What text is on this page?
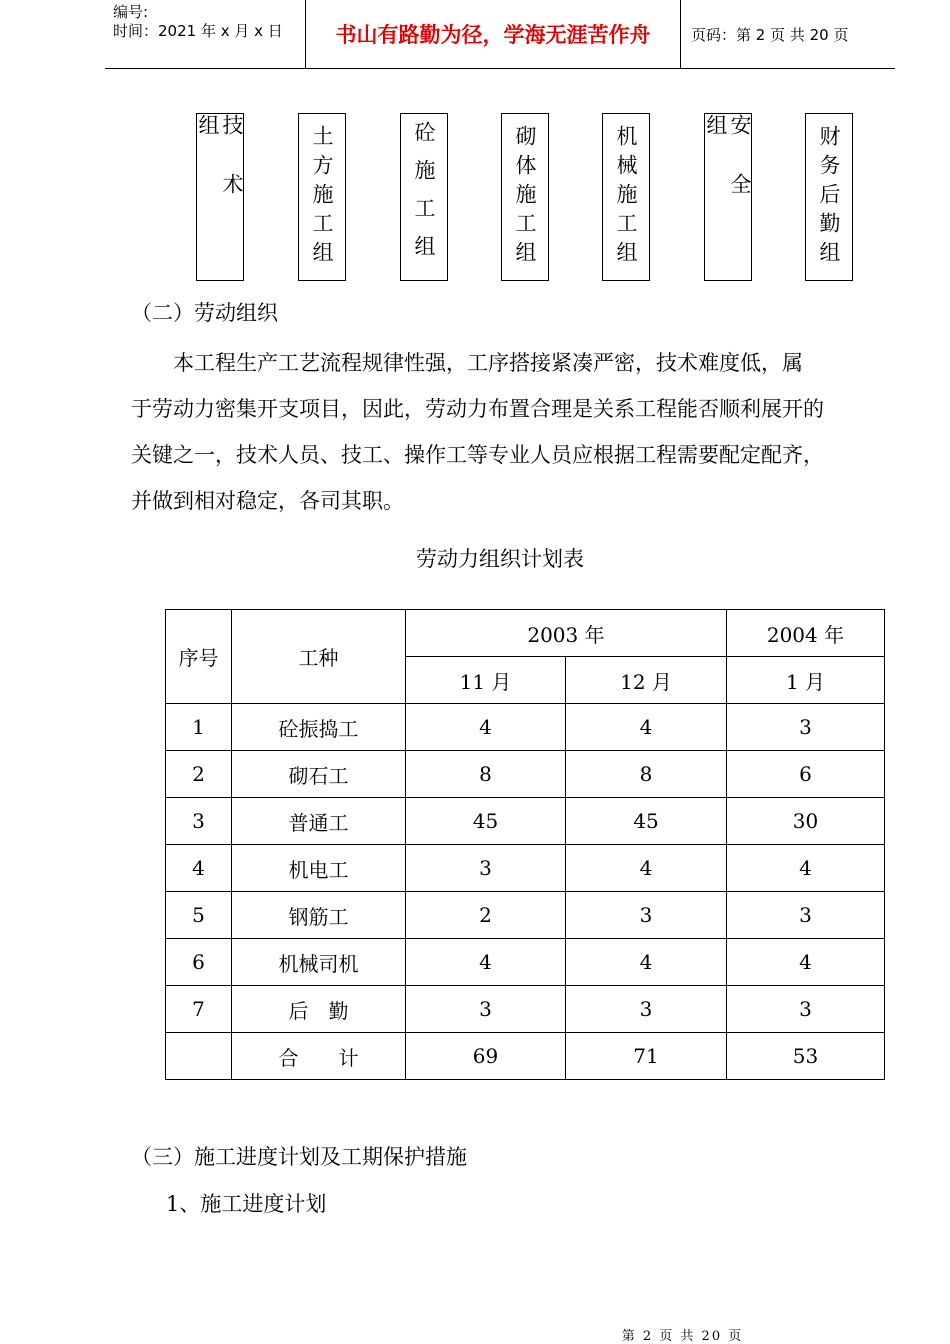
编号:
时间：2021 年 x 月 x 日	书山有路勤为径，学海无涯苦作舟	页码：第 2 页 共 20 页
技术组	土方施工组	砼施工组	砌体施工组	机械施工组	安全组	财务后勤组
（二）劳动组织
本工程生产工艺流程规律性强，工序搭接紧凑严密，技术难度低，属
于劳动力密集开支项目，因此，劳动力布置合理是关系工程能否顺利展开的
关键之一，技术人员、技工、操作工等专业人员应根据工程需要配定配齐，
并做到相对稳定，各司其职。
劳动力组织计划表
序号	工种	2003 年		2004 年
		11 月	12 月	1 月
1	砼振捣工	4	4	3
2	砌石工	8	8	6
3	普通工	45	45	30
4	机电工	3	4	4
5	钢筋工	2	3	3
6	机械司机	4	4	4
7	后　勤	3	3	3
	合　　计	69	71	53
（三）施工进度计划及工期保护措施
1、施工进度计划
第 2 页 共 20 页
